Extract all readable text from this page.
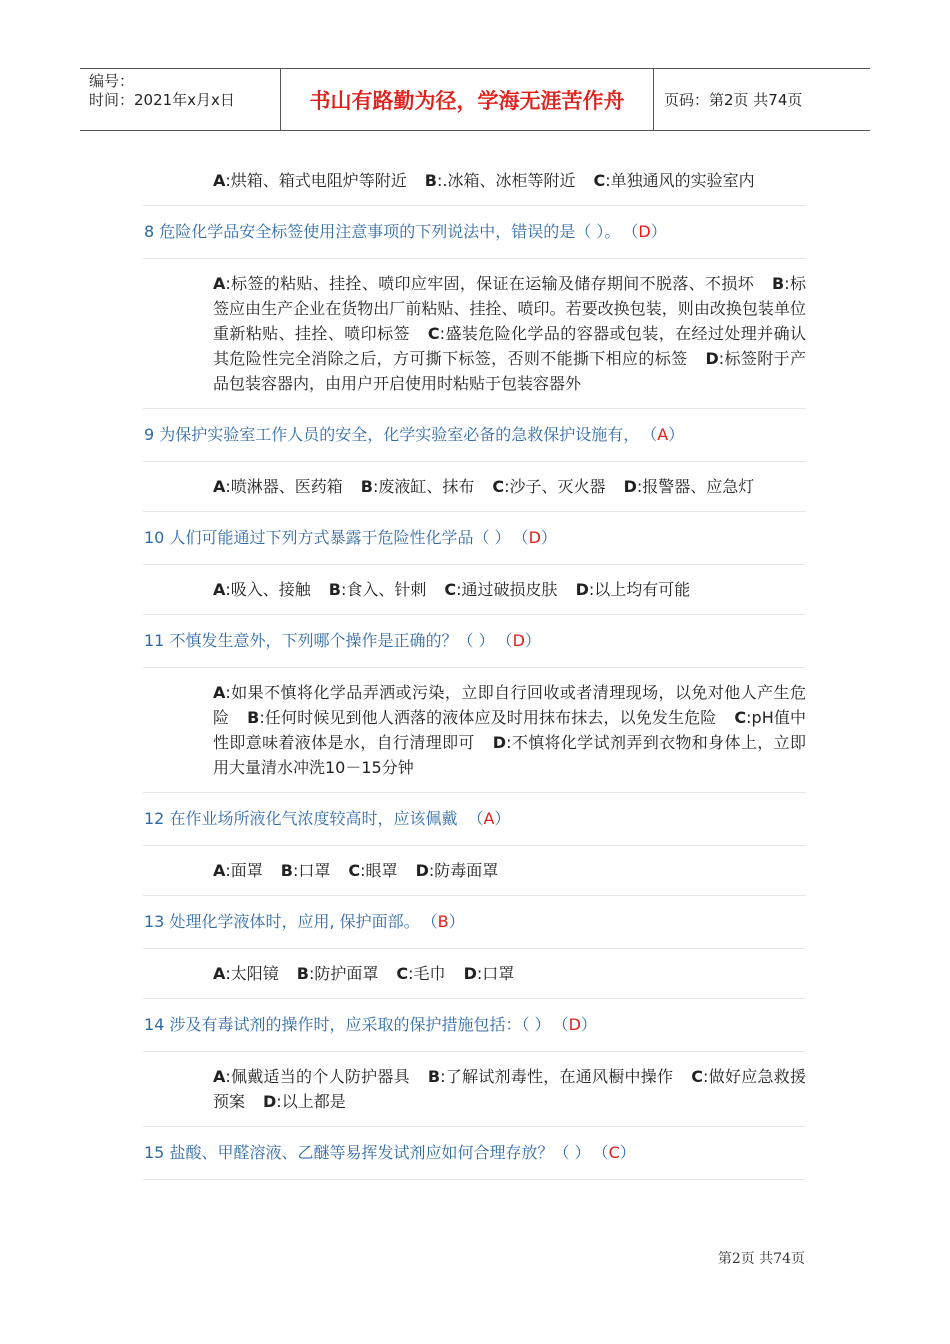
编号：
时间：2021年x月x日	书山有路勤为径，学海无涯苦作舟	页码：第2页 共74页
A:烘箱、箱式电阻炉等附近 B:.冰箱、冰柜等附近 C:单独通风的实验室内
8 危险化学品安全标签使用注意事项的下列说法中，错误的是（ ）。 （D）
A:标签的粘贴、挂拴、喷印应牢固，保证在运输及储存期间不脱落、不损坏 B:标签应由生产企业在货物出厂前粘贴、挂拴、喷印。若要改换包装，则由改换包装单位重新粘贴、挂拴、喷印标签 C:盛装危险化学品的容器或包装，在经过处理并确认其危险性完全消除之后，方可撕下标签，否则不能撕下相应的标签 D:标签附于产品包装容器内，由用户开启使用时粘贴于包装容器外
9 为保护实验室工作人员的安全，化学实验室必备的急救保护设施有， （A）
A:喷淋器、医药箱 B:废液缸、抹布 C:沙子、灭火器 D:报警器、应急灯
10 人们可能通过下列方式暴露于危险性化学品（ ） （D）
A:吸入、接触 B:食入、针刺 C:通过破损皮肤 D:以上均有可能
11 不慎发生意外，下列哪个操作是正确的？（ ） （D）
A:如果不慎将化学品弄洒或污染，立即自行回收或者清理现场，以免对他人产生危险 B:任何时候见到他人洒落的液体应及时用抹布抹去，以免发生危险 C:pH值中性即意味着液体是水，自行清理即可 D:不慎将化学试剂弄到衣物和身体上，立即用大量清水冲洗10－15分钟
12 在作业场所液化气浓度较高时，应该佩戴 （A）
A:面罩 B:口罩 C:眼罩 D:防毒面罩
13 处理化学液体时，应用, 保护面部。 （B）
A:太阳镜 B:防护面罩 C:毛巾 D:口罩
14 涉及有毒试剂的操作时，应采取的保护措施包括：（ ） （D）
A:佩戴适当的个人防护器具 B:了解试剂毒性，在通风橱中操作 C:做好应急救援预案 D:以上都是
15 盐酸、甲醛溶液、乙醚等易挥发试剂应如何合理存放？（ ） （C）
第2页 共74页
